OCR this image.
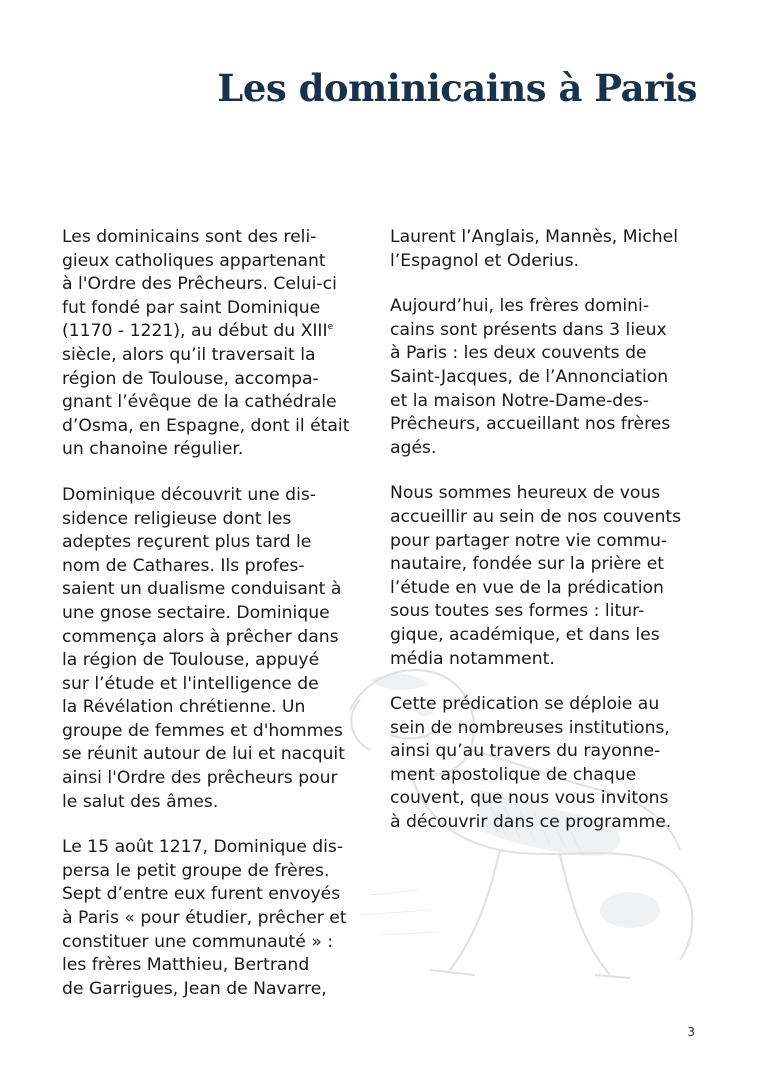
Les dominicains à Paris

Les dominicains sont des reli-
gieux catholiques appartenant
à l'Ordre des Prêcheurs. Celui-ci
fut fondé par saint Dominique
(1170 - 1221), au début du XIIIe
siècle, alors qu’il traversait la
région de Toulouse, accompa-
gnant l’évêque de la cathédrale
d’Osma, en Espagne, dont il était
un chanoine régulier.

Dominique découvrit une dis-
sidence religieuse dont les
adeptes reçurent plus tard le
nom de Cathares. Ils profes-
saient un dualisme conduisant à
une gnose sectaire. Dominique
commença alors à prêcher dans
la région de Toulouse, appuyé
sur l’étude et l'intelligence de
la Révélation chrétienne. Un
groupe de femmes et d'hommes
se réunit autour de lui et nacquit
ainsi l'Ordre des prêcheurs pour
le salut des âmes.

Le 15 août 1217, Dominique dis-
persa le petit groupe de frères.
Sept d’entre eux furent envoyés
à Paris « pour étudier, prêcher et
constituer une communauté » :
les frères Matthieu, Bertrand
de Garrigues, Jean de Navarre,

Laurent l’Anglais, Mannès, Michel
l’Espagnol et Oderius.

Aujourd’hui, les frères domini-
cains sont présents dans 3 lieux
à Paris : les deux couvents de
Saint-Jacques, de l’Annonciation
et la maison Notre-Dame-des-
Prêcheurs, accueillant nos frères
agés.

Nous sommes heureux de vous
accueillir au sein de nos couvents
pour partager notre vie commu-
nautaire, fondée sur la prière et
l’étude en vue de la prédication
sous toutes ses formes : litur-
gique, académique, et dans les
média notamment.

Cette prédication se déploie au
sein de nombreuses institutions,
ainsi qu’au travers du rayonne-
ment apostolique de chaque
couvent, que nous vous invitons
à découvrir dans ce programme.

3
